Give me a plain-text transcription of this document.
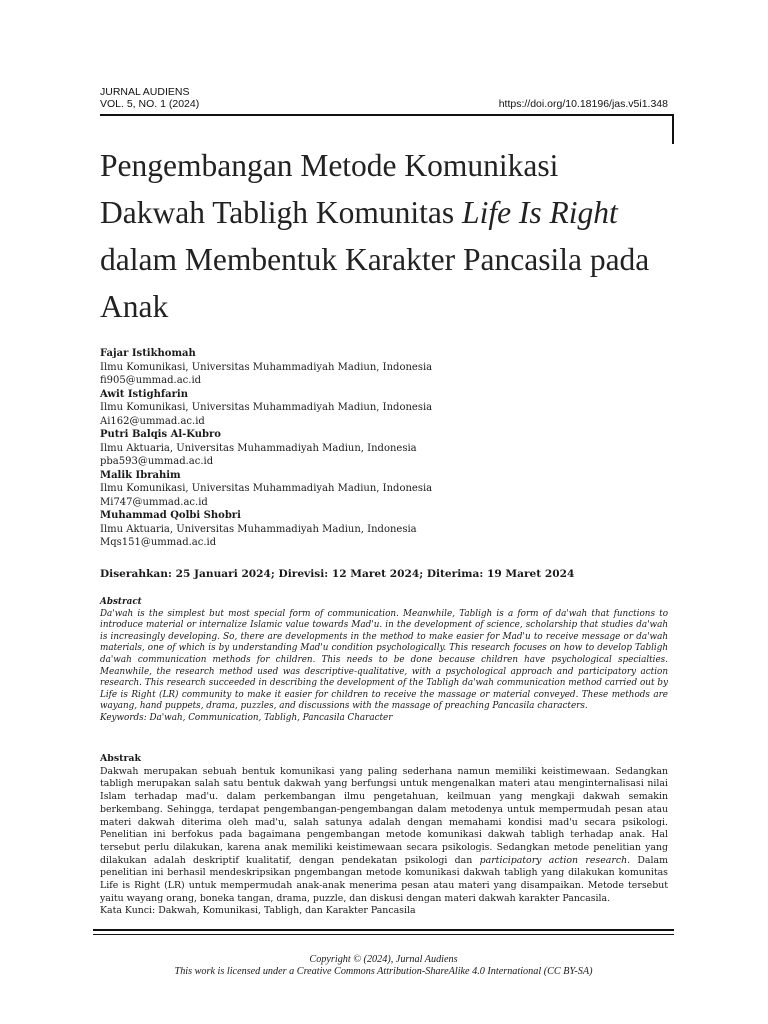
JURNAL AUDIENS
VOL. 5, NO. 1 (2024)	https://doi.org/10.18196/jas.v5i1.348
Pengembangan Metode Komunikasi Dakwah Tabligh Komunitas Life Is Right dalam Membentuk Karakter Pancasila pada Anak
Fajar Istikhomah
Ilmu Komunikasi, Universitas Muhammadiyah Madiun, Indonesia
fi905@ummad.ac.id
Awit Istighfarin
Ilmu Komunikasi, Universitas Muhammadiyah Madiun, Indonesia
Ai162@ummad.ac.id
Putri Balqis Al-Kubro
Ilmu Aktuaria, Universitas Muhammadiyah Madiun, Indonesia
pba593@ummad.ac.id
Malik Ibrahim
Ilmu Komunikasi, Universitas Muhammadiyah Madiun, Indonesia
Mi747@ummad.ac.id
Muhammad Qolbi Shobri
Ilmu Aktuaria, Universitas Muhammadiyah Madiun, Indonesia
Mqs151@ummad.ac.id
Diserahkan: 25 Januari 2024; Direvisi: 12 Maret 2024; Diterima: 19 Maret 2024
Abstract

Da'wah is the simplest but most special form of communication. Meanwhile, Tabligh is a form of da'wah that functions to introduce material or internalize Islamic value towards Mad'u. in the development of science, scholarship that studies da'wah is increasingly developing. So, there are developments in the method to make easier for Mad'u to receive message or da'wah materials, one of which is by understanding Mad'u condition psychologically. This research focuses on how to develop Tabligh da'wah communication methods for children. This needs to be done because children have psychological specialties. Meanwhile, the research method used was descriptive-qualitative, with a psychological approach and participatory action research. This research succeeded in describing the development of the Tabligh da'wah communication method carried out by Life is Right (LR) community to make it easier for children to receive the massage or material conveyed. These methods are wayang, hand puppets, drama, puzzles, and discussions with the massage of preaching Pancasila characters.

Keywords: Da'wah, Communication, Tabligh, Pancasila Character
Abstrak

Dakwah merupakan sebuah bentuk komunikasi yang paling sederhana namun memiliki keistimewaan. Sedangkan tabligh merupakan salah satu bentuk dakwah yang berfungsi untuk mengenalkan materi atau menginternalisasi nilai Islam terhadap mad'u. dalam perkembangan ilmu pengetahuan, keilmuan yang mengkaji dakwah semakin berkembang. Sehingga, terdapat pengembangan-pengembangan dalam metodenya untuk mempermudah pesan atau materi dakwah diterima oleh mad'u, salah satunya adalah dengan memahami kondisi mad'u secara psikologi. Penelitian ini berfokus pada bagaimana pengembangan metode komunikasi dakwah tabligh terhadap anak. Hal tersebut perlu dilakukan, karena anak memiliki keistimewaan secara psikologis. Sedangkan metode penelitian yang dilakukan adalah deskriptif kualitatif, dengan pendekatan psikologi dan participatory action research. Dalam penelitian ini berhasil mendeskripsikan pngembangan metode komunikasi dakwah tabligh yang dilakukan komunitas Life is Right (LR) untuk mempermudah anak-anak menerima pesan atau materi yang disampaikan. Metode tersebut yaitu wayang orang, boneka tangan, drama, puzzle, dan diskusi dengan materi dakwah karakter Pancasila.

Kata Kunci: Dakwah, Komunikasi, Tabligh, dan Karakter Pancasila
Copyright © (2024), Jurnal Audiens
This work is licensed under a Creative Commons Attribution-ShareAlike 4.0 International (CC BY-SA)
